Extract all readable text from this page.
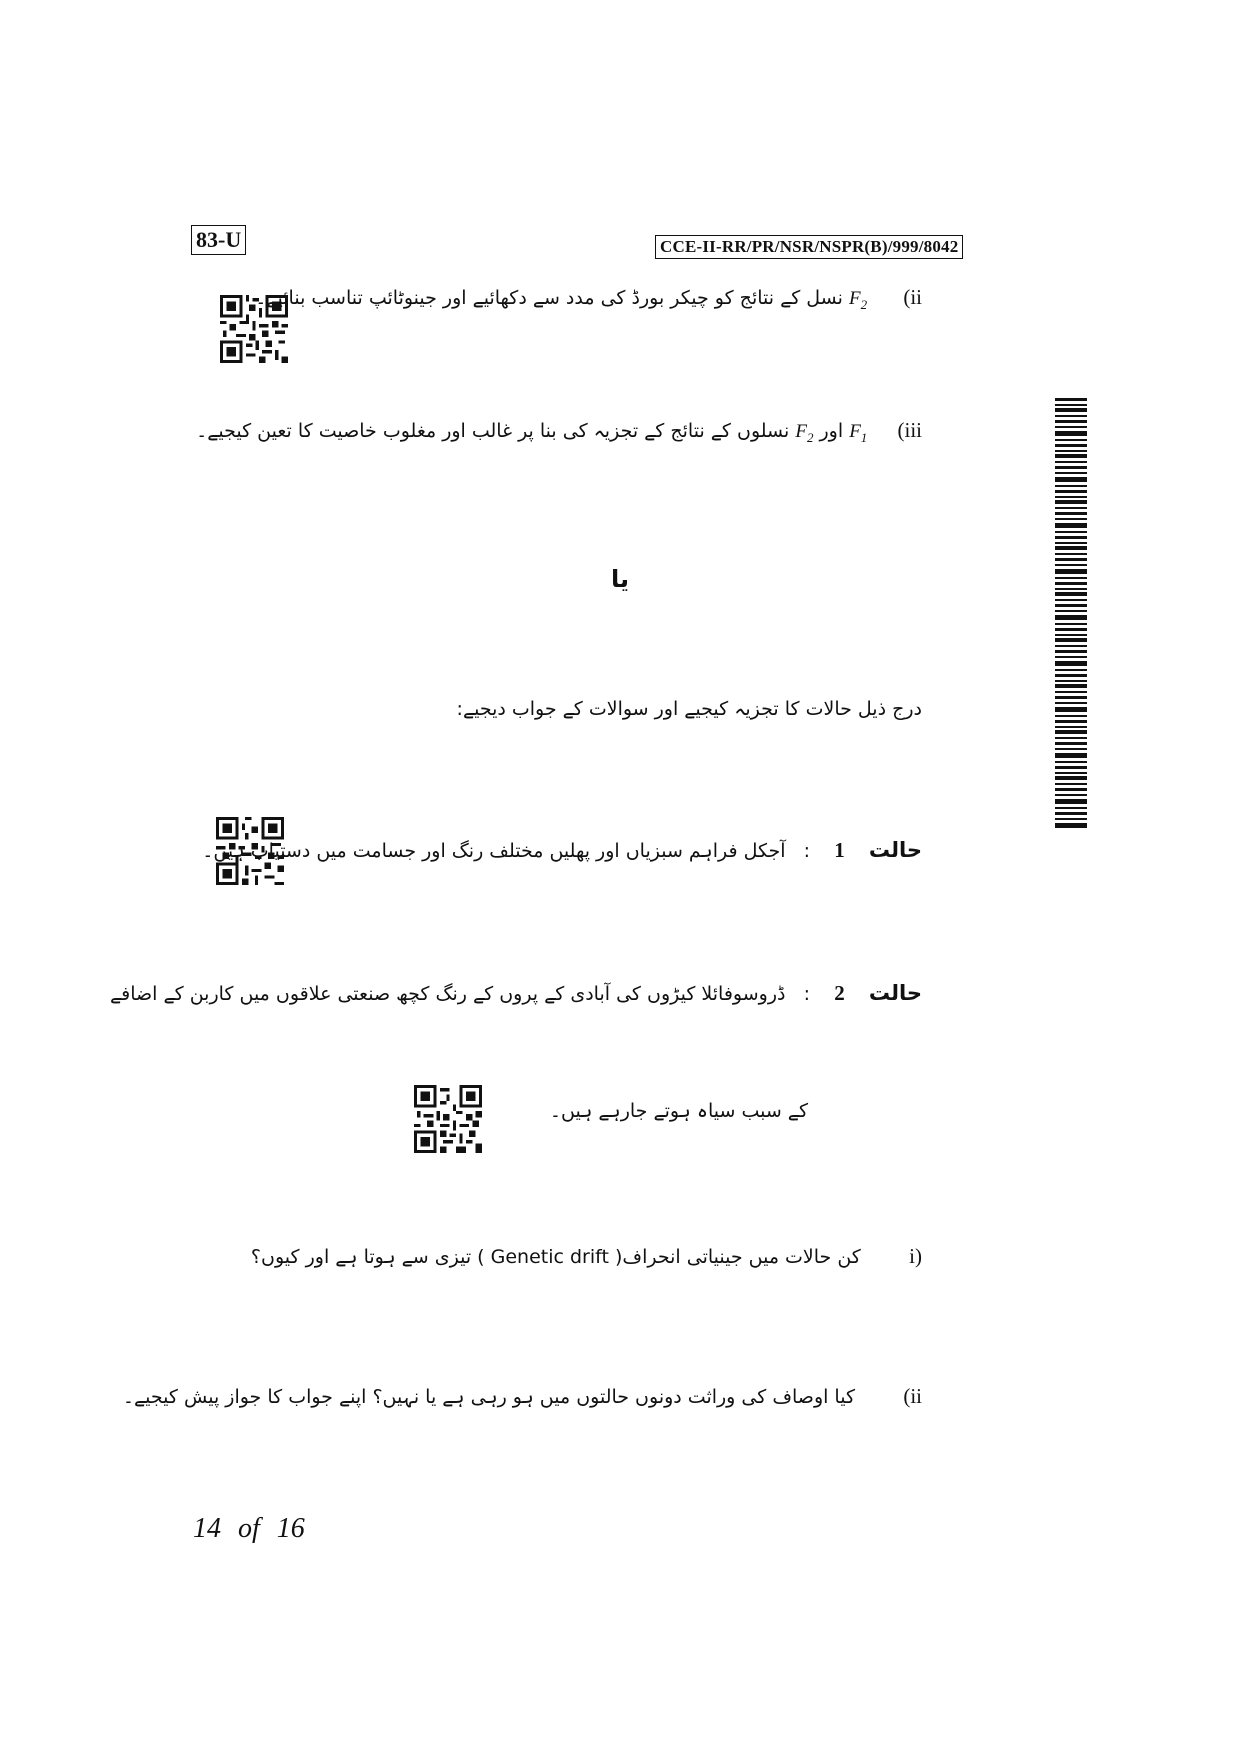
83-U	CCE-II-RR/PR/NSR/NSPR(B)/999/8042
(ii      $F_2$ نسل کے نتائج کو چیکر بورڈ کی مدد سے دکھائیے اور جینوٹائپ تناسب بنائیے۔
(iii     $F_1$ اور $F_2$ نسلوں کے نتائج کے تجزیہ کی بنا پر غالب اور مغلوب خاصیت کا تعین کیجیے۔
یا
درج ذیل حالات کا تجزیہ کیجیے اور سوالات کے جواب دیجیے:
حالت    1    :   آجکل فراہم سبزیاں اور پھلیں مختلف رنگ اور جسامت میں دستیاب ہیں۔
حالت    2    :   ڈروسوفائلا کیڑوں کی آبادی کے پروں کے رنگ کچھ صنعتی علاقوں میں کاربن کے اضافے
کے سبب سیاہ ہوتے جارہے ہیں۔
i)        کن حالات میں جینیاتی انحراف( Genetic drift ) تیزی سے ہوتا ہے اور کیوں؟
(ii        کیا اوصاف کی وراثت دونوں حالتوں میں ہو رہی ہے یا نہیں؟ اپنے جواب کا جواز پیش کیجیے۔
14 of 16
